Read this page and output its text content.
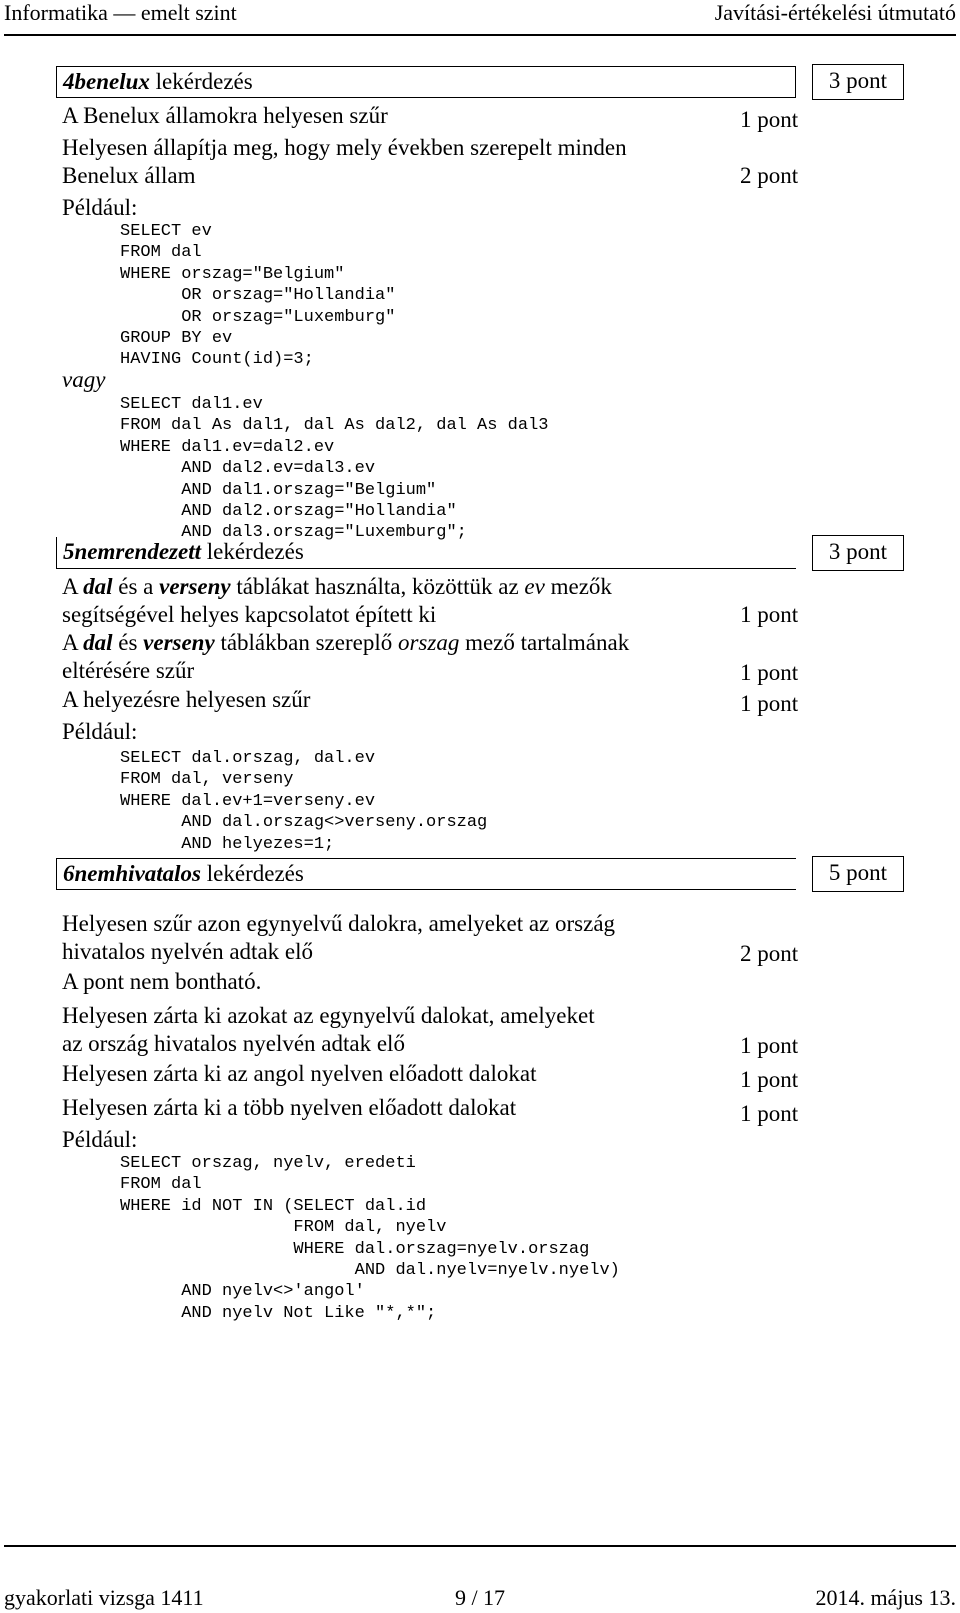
Informatika — emelt szint	Javítási-értékelési útmutató
4benelux lekérdezés	3 pont
A Benelux államokra helyesen szűr	1 pont
Helyesen állapítja meg, hogy mely években szerepelt minden
Benelux állam	2 pont
Például:
SELECT ev
FROM dal
WHERE orszag="Belgium"
OR orszag="Hollandia"
OR orszag="Luxemburg"
GROUP BY ev
HAVING Count(id)=3;
vagy
SELECT dal1.ev
FROM dal As dal1, dal As dal2, dal As dal3
WHERE dal1.ev=dal2.ev
AND dal2.ev=dal3.ev
AND dal1.orszag="Belgium"
AND dal2.orszag="Hollandia"
AND dal3.orszag="Luxemburg";
5nemrendezett lekérdezés	3 pont
A dal és a verseny táblákat használta, közöttük az ev mezők
segítségével helyes kapcsolatot épített ki	1 pont
A dal és verseny táblákban szereplő orszag mező tartalmának
eltérésére szűr	1 pont
A helyezésre helyesen szűr	1 pont
Például:
SELECT dal.orszag, dal.ev
FROM dal, verseny
WHERE dal.ev+1=verseny.ev
AND dal.orszag<>verseny.orszag
AND helyezes=1;
6nemhivatalos lekérdezés	5 pont
Helyesen szűr azon egynyelvű dalokra, amelyeket az ország
hivatalos nyelvén adtak elő	2 pont
A pont nem bontható.
Helyesen zárta ki azokat az egynyelvű dalokat, amelyeket
az ország hivatalos nyelvén adtak elő	1 pont
Helyesen zárta ki az angol nyelven előadott dalokat	1 pont
Helyesen zárta ki a több nyelven előadott dalokat	1 pont
Például:
SELECT orszag, nyelv, eredeti
FROM dal
WHERE id NOT IN (SELECT dal.id
FROM dal, nyelv
WHERE dal.orszag=nyelv.orszag
AND dal.nyelv=nyelv.nyelv)
AND nyelv<>'angol'
AND nyelv Not Like "*,*";
gyakorlati vizsga 1411	9 / 17	2014. május 13.
